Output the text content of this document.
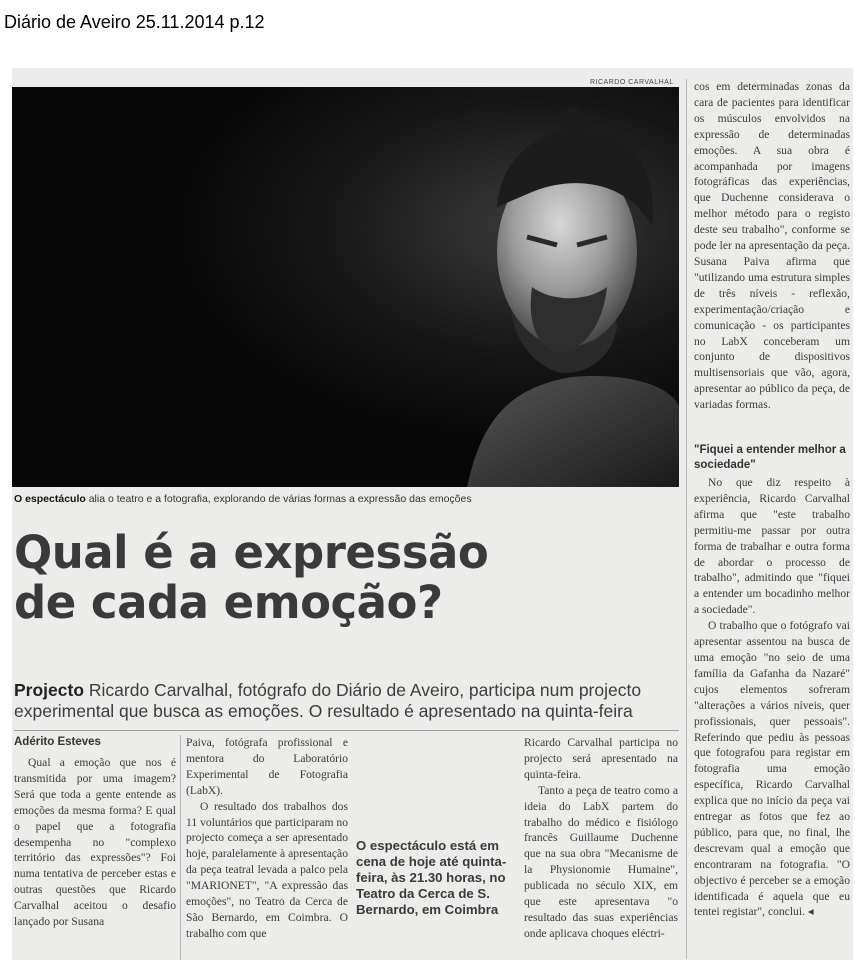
Diário de Aveiro 25.11.2014 p.12
RICARDO CARVALHAL
O espectáculo alia o teatro e a fotografia, explorando de várias formas a expressão das emoções
Qual é a expressão
de cada emoção?
Projecto Ricardo Carvalhal, fotógrafo do Diário de Aveiro, participa num projecto experimental que busca as emoções. O resultado é apresentado na quinta-feira
Adérito Esteves

Qual a emoção que nos é transmitida por uma imagem? Será que toda a gente entende as emoções da mesma forma? E qual o papel que a fotografia desempenha no "complexo território das expressões"? Foi numa tentativa de perceber estas e outras questões que Ricardo Carvalhal aceitou o desafio lançado por Susana

Paiva, fotógrafa profissional e mentora do Laboratório Experimental de Fotografia (LabX).

O resultado dos trabalhos dos 11 voluntários que participaram no projecto começa a ser apresentado hoje, paralelamente à apresentação da peça teatral levada a palco pela "MARIONET", "A expressão das emoções", no Teatro da Cerca de São Bernardo, em Coimbra. O trabalho com que

O espectáculo está em cena de hoje até quinta-feira, às 21.30 horas, no Teatro da Cerca de S. Bernardo, em Coimbra

Ricardo Carvalhal participa no projecto será apresentado na quinta-feira.

Tanto a peça de teatro como a ideia do LabX partem do trabalho do médico e fisiólogo francês Guillaume Duchenne que na sua obra "Mecanisme de la Physionomie Humaine", publicada no século XIX, em que este apresentava "o resultado das suas experiências onde aplicava choques eléctri-

cos em determinadas zonas da cara de pacientes para identificar os músculos envolvidos na expressão de determinadas emoções. A sua obra é acompanhada por imagens fotográficas das experiências, que Duchenne considerava o melhor método para o registo deste seu trabalho", conforme se pode ler na apresentação da peça. Susana Paiva afirma que "utilizando uma estrutura simples de três níveis - reflexão, experimentação/criação e comunicação - os participantes no LabX conceberam um conjunto de dispositivos multisensoriais que vão, agora, apresentar ao público da peça, de variadas formas.

"Fiquei a entender melhor a sociedade"

No que diz respeito à experiência, Ricardo Carvalhal afirma que "este trabalho permitiu-me passar por outra forma de trabalhar e outra forma de abordar o processo de trabalho", admitindo que "fiquei a entender um bocadinho melhor a sociedade".

O trabalho que o fotógrafo vai apresentar assentou na busca de uma emoção "no seio de uma família da Gafanha da Nazaré" cujos elementos sofreram "alterações a vários níveis, quer profissionais, quer pessoais". Referindo que pediu às pessoas que fotografou para registar em fotografia uma emoção específica, Ricardo Carvalhal explica que no início da peça vai entregar as fotos que fez ao público, para que, no final, lhe descrevam qual a emoção que encontraram na fotografia. "O objectivo é perceber se a emoção identificada é aquela que eu tentei registar", conclui. ◂
